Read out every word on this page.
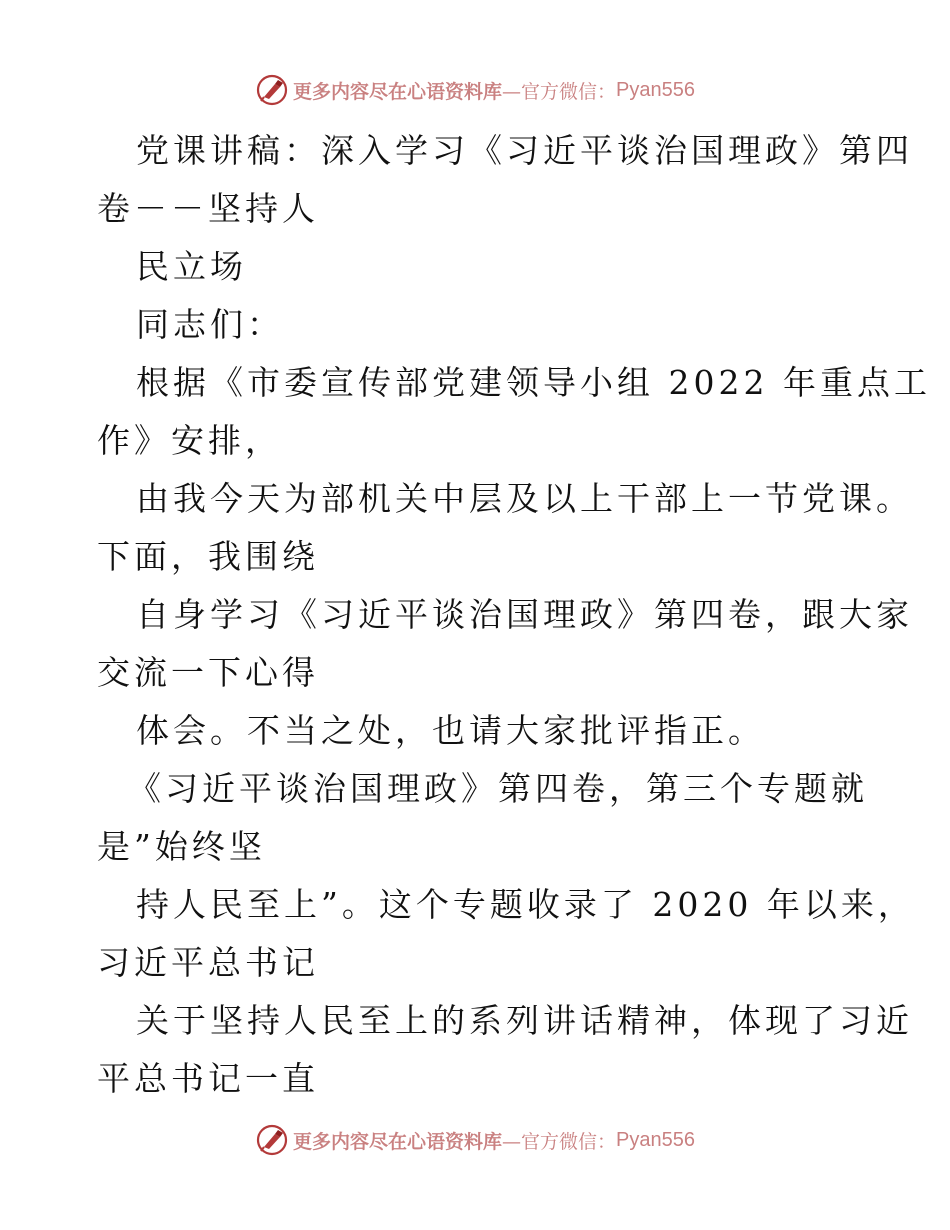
更多内容尽在心语资料库 —官方微信： Pyan556
党课讲稿：深入学习《习近平谈治国理政》第四
卷－－坚持人
民立场
同志们：
根据《市委宣传部党建领导小组 2022 年重点工
作》安排，
由我今天为部机关中层及以上干部上一节党课。
下面，我围绕
自身学习《习近平谈治国理政》第四卷，跟大家
交流一下心得
体会。不当之处，也请大家批评指正。
《习近平谈治国理政》第四卷，第三个专题就
是”始终坚
持人民至上”。这个专题收录了 2020 年以来，
习近平总书记
关于坚持人民至上的系列讲话精神，体现了习近
平总书记一直
更多内容尽在心语资料库 —官方微信： Pyan556
